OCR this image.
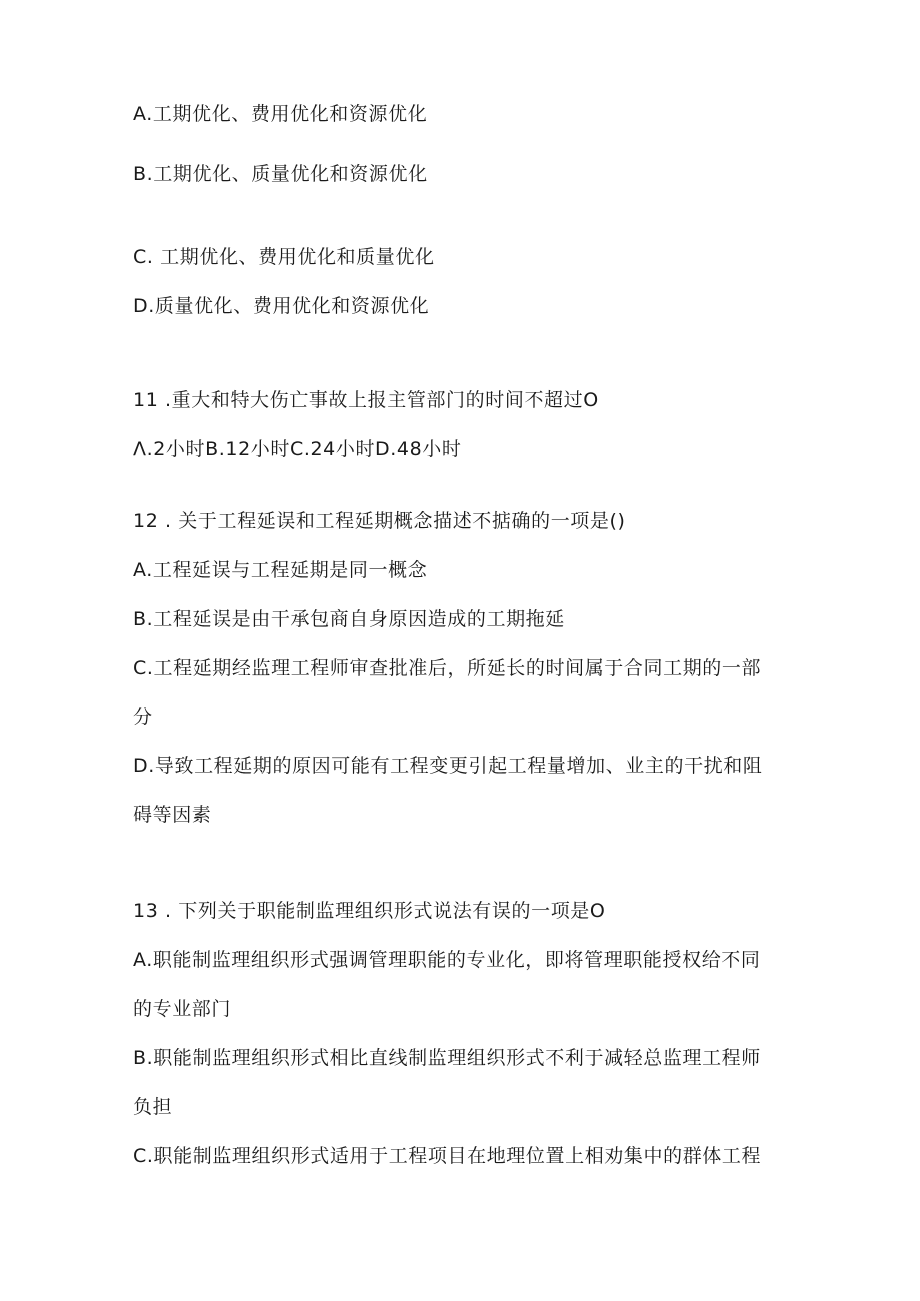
A.工期优化、费用优化和资源优化
B.工期优化、质量优化和资源优化
C. 工期优化、费用优化和质量优化
D.质量优化、费用优化和资源优化
11 .重大和特大伤亡事故上报主管部门的时间不超过O
Λ.2小时B.12小时C.24小时D.48小时
12 . 关于工程延误和工程延期概念描述不掂确的一项是()
A.工程延误与工程延期是同一概念
B.工程延误是由干承包商自身原因造成的工期拖延
C.工程延期经监理工程师审查批准后，所延长的时间属于合同工期的一部
分
D.导致工程延期的原因可能有工程变更引起工程量增加、业主的干扰和阻
碍等因素
13 . 下列关于职能制监理组织形式说法有误的一项是O
A.职能制监理组织形式强调管理职能的专业化，即将管理职能授权给不同
的专业部门
B.职能制监理组织形式相比直线制监理组织形式不利于减轻总监理工程师
负担
C.职能制监理组织形式适用于工程项目在地理位置上相劝集中的群体工程
